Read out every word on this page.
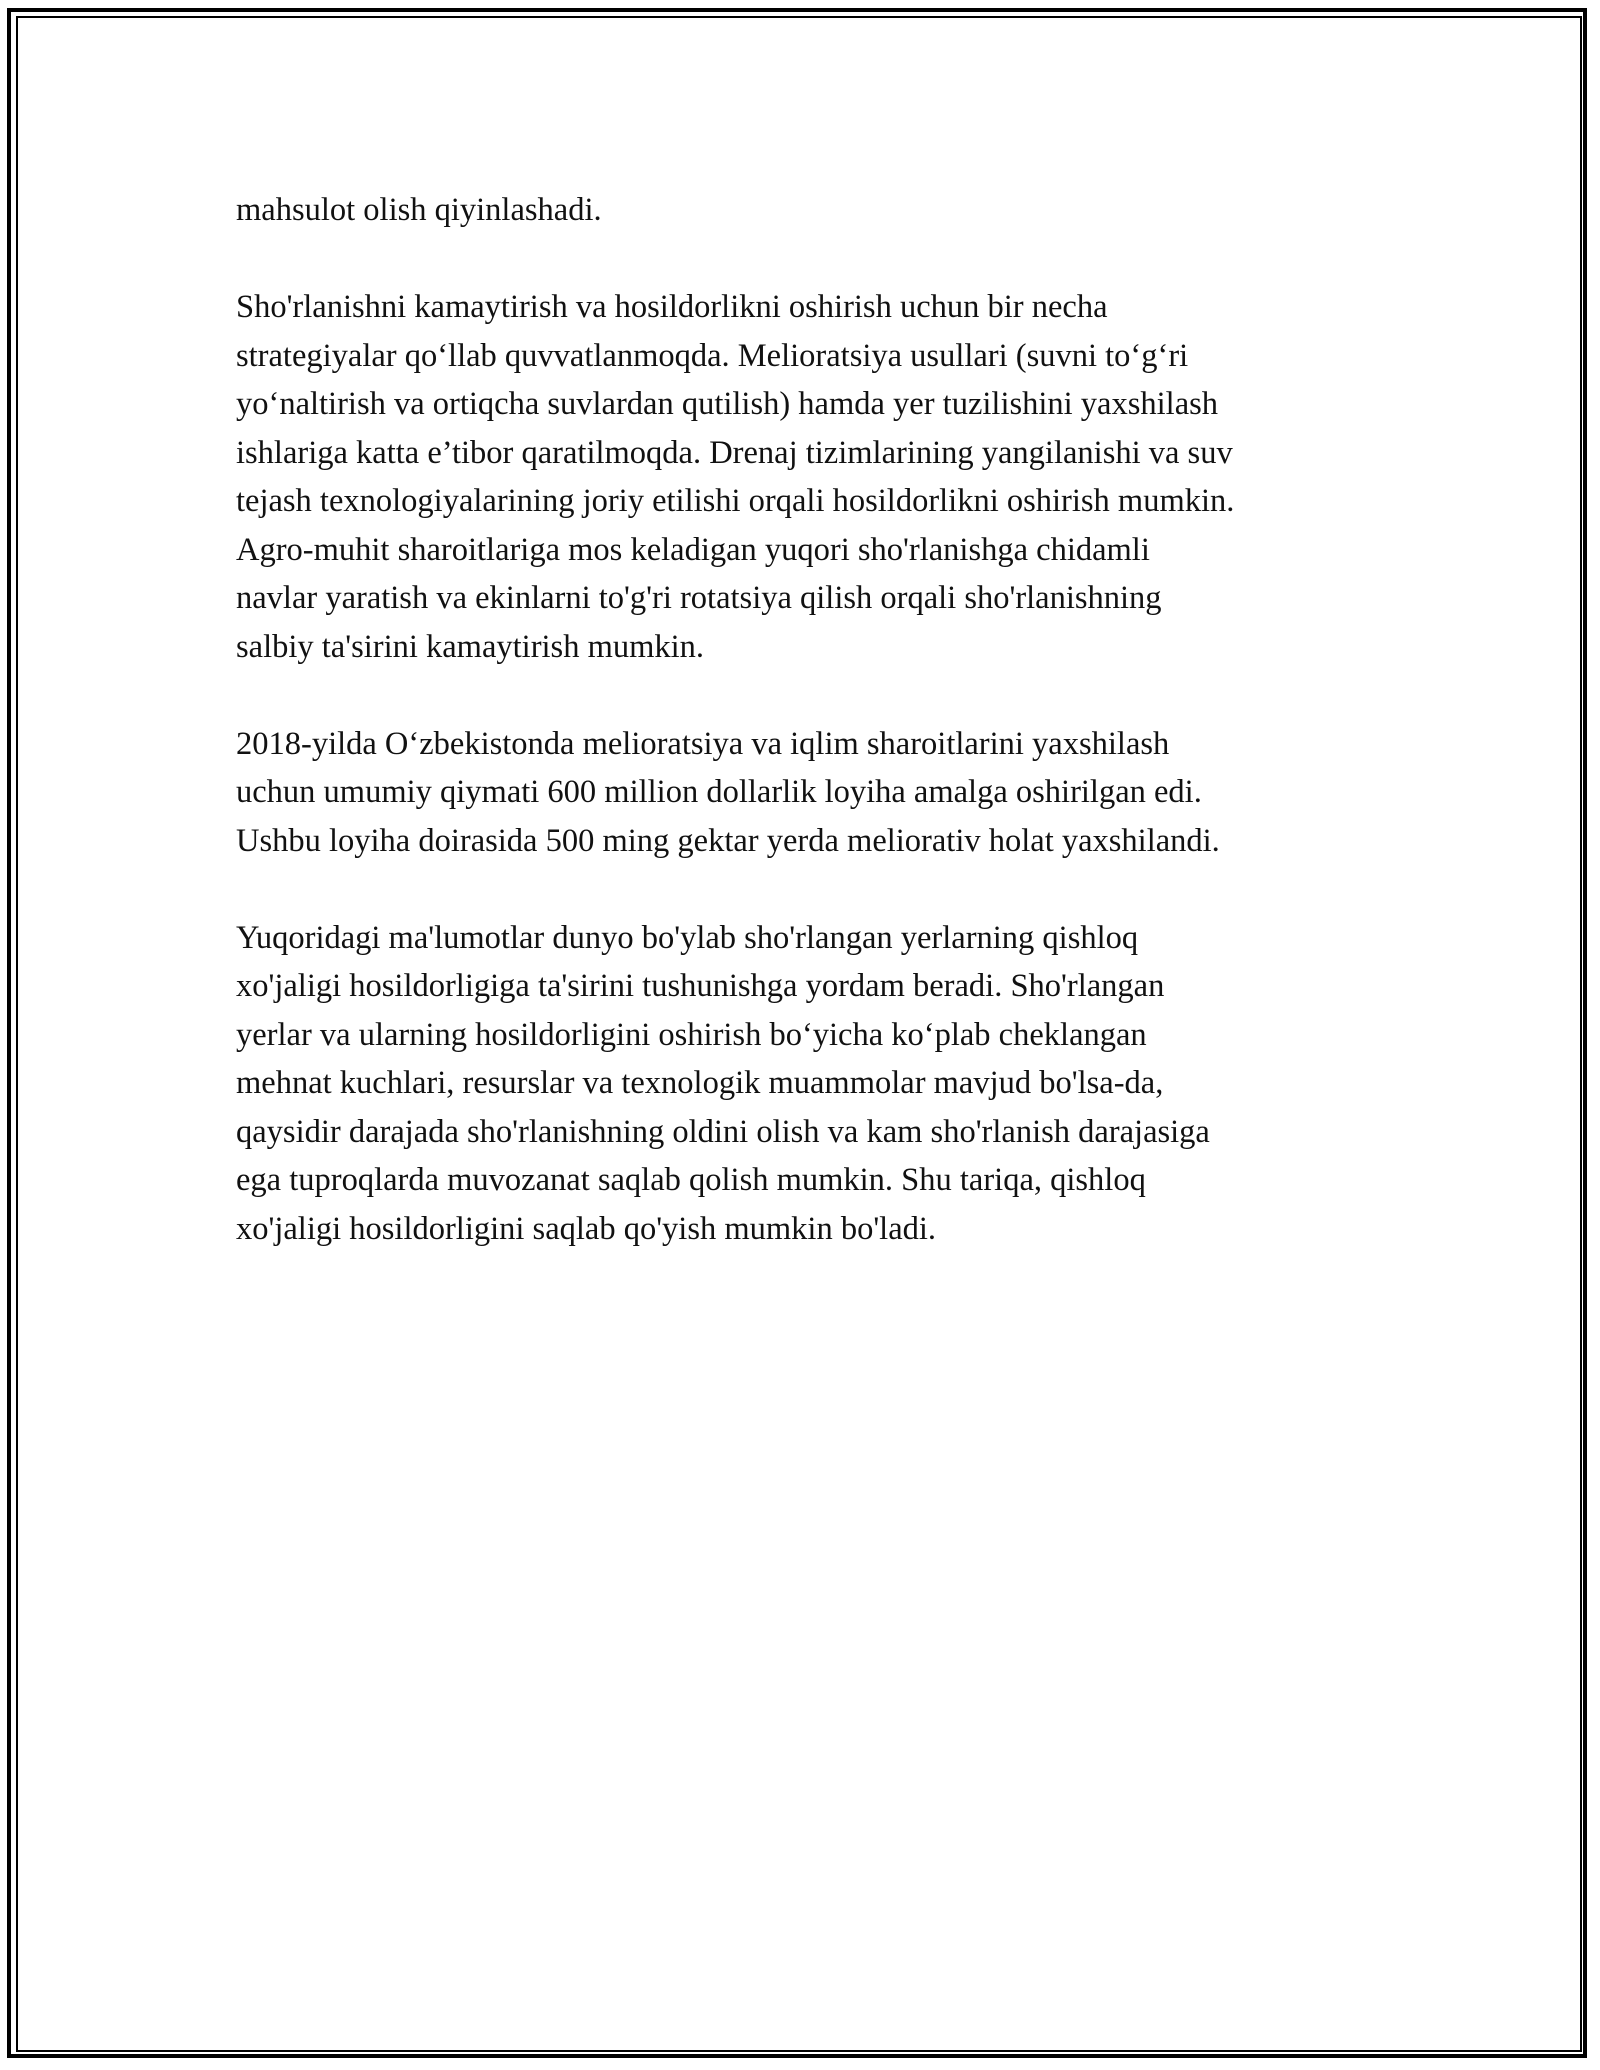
mahsulot olish qiyinlashadi.

Sho'rlanishni kamaytirish va hosildorlikni oshirish uchun bir necha
strategiyalar qo‘llab quvvatlanmoqda. Melioratsiya usullari (suvni to‘g‘ri
yo‘naltirish va ortiqcha suvlardan qutilish) hamda yer tuzilishini yaxshilash
ishlariga katta e’tibor qaratilmoqda. Drenaj tizimlarining yangilanishi va suv
tejash texnologiyalarining joriy etilishi orqali hosildorlikni oshirish mumkin.
Agro-muhit sharoitlariga mos keladigan yuqori sho'rlanishga chidamli
navlar yaratish va ekinlarni to'g'ri rotatsiya qilish orqali sho'rlanishning
salbiy ta'sirini kamaytirish mumkin.

2018-yilda O‘zbekistonda melioratsiya va iqlim sharoitlarini yaxshilash
uchun umumiy qiymati 600 million dollarlik loyiha amalga oshirilgan edi.
Ushbu loyiha doirasida 500 ming gektar yerda meliorativ holat yaxshilandi.

Yuqoridagi ma'lumotlar dunyo bo'ylab sho'rlangan yerlarning qishloq
xo'jaligi hosildorligiga ta'sirini tushunishga yordam beradi. Sho'rlangan
yerlar va ularning hosildorligini oshirish bo‘yicha ko‘plab cheklangan
mehnat kuchlari, resurslar va texnologik muammolar mavjud bo'lsa-da,
qaysidir darajada sho'rlanishning oldini olish va kam sho'rlanish darajasiga
ega tuproqlarda muvozanat saqlab qolish mumkin. Shu tariqa, qishloq
xo'jaligi hosildorligini saqlab qo'yish mumkin bo'ladi.
